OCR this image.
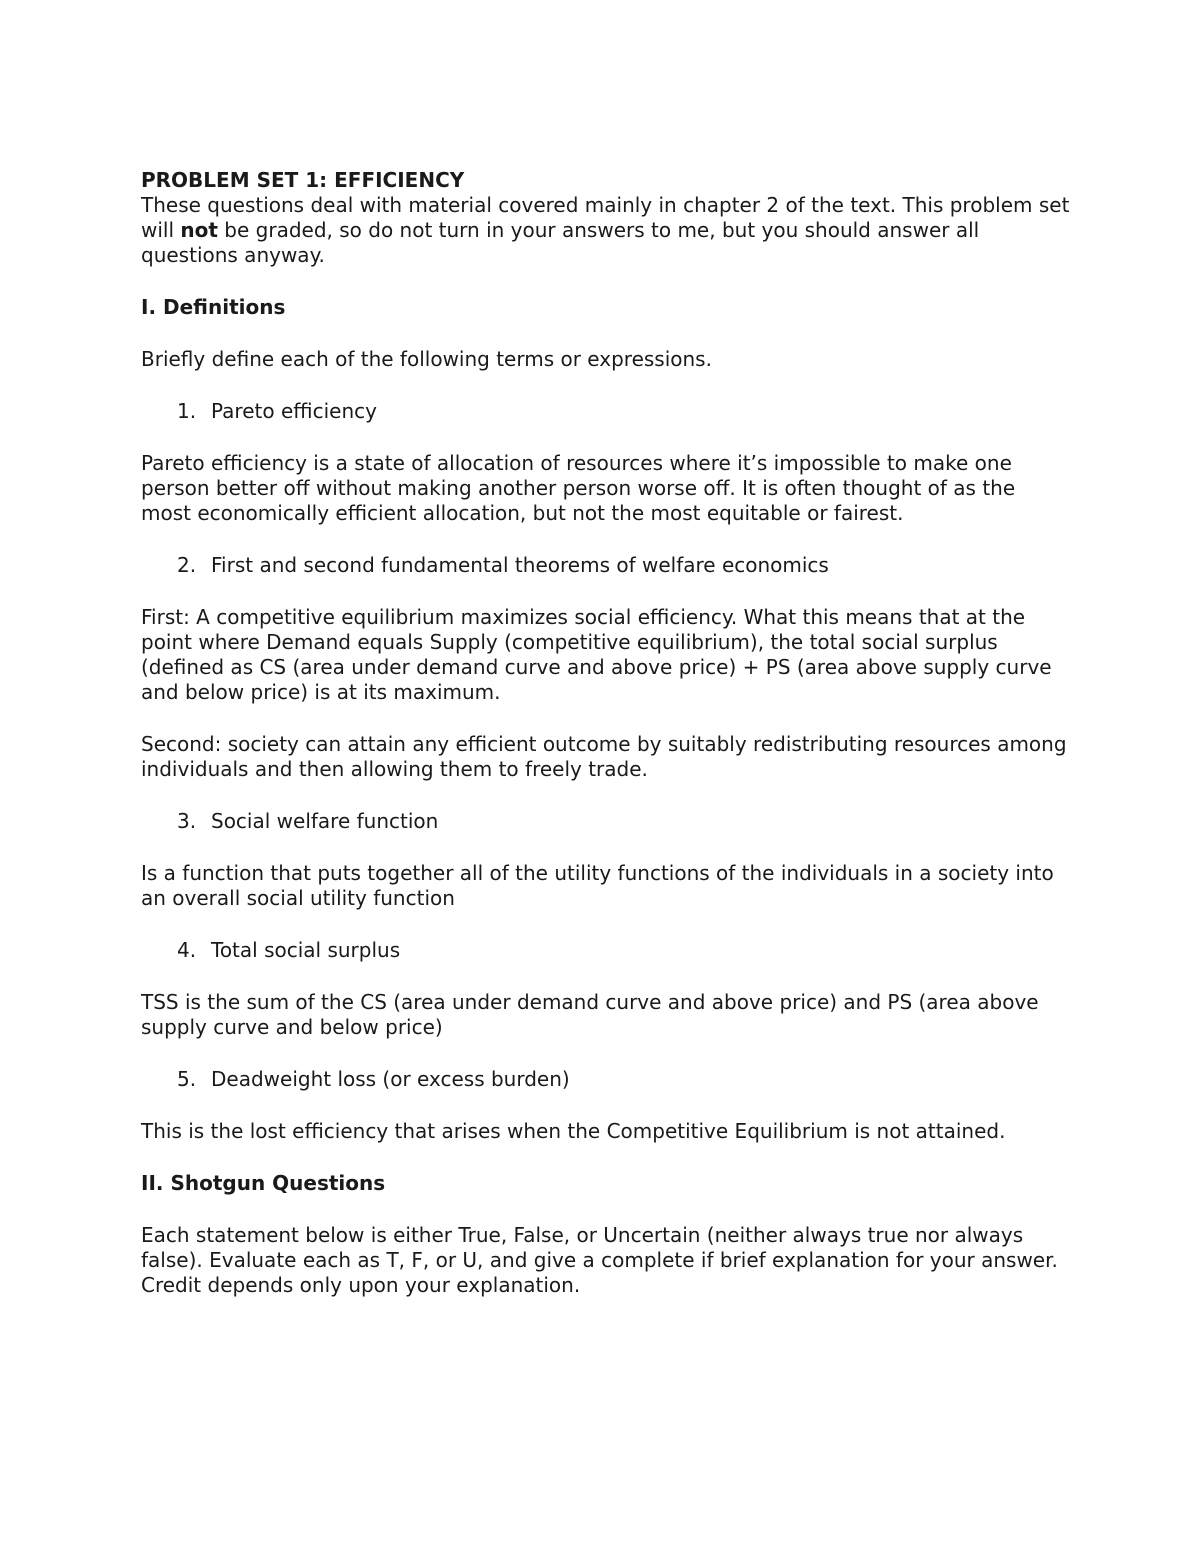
PROBLEM SET 1: EFFICIENCY

These questions deal with material covered mainly in chapter 2 of the text. This problem set will not be graded, so do not turn in your answers to me, but you should answer all questions anyway.

I. Definitions

Briefly define each of the following terms or expressions.

1. Pareto efficiency

Pareto efficiency is a state of allocation of resources where it’s impossible to make one person better off without making another person worse off. It is often thought of as the most economically efficient allocation, but not the most equitable or fairest.

2. First and second fundamental theorems of welfare economics

First: A competitive equilibrium maximizes social efficiency. What this means that at the point where Demand equals Supply (competitive equilibrium), the total social surplus (defined as CS (area under demand curve and above price) + PS (area above supply curve and below price) is at its maximum.

Second: society can attain any efficient outcome by suitably redistributing resources among individuals and then allowing them to freely trade.

3. Social welfare function

Is a function that puts together all of the utility functions of the individuals in a society into an overall social utility function

4. Total social surplus

TSS is the sum of the CS (area under demand curve and above price) and PS (area above supply curve and below price)

5. Deadweight loss (or excess burden)

This is the lost efficiency that arises when the Competitive Equilibrium is not attained.

II. Shotgun Questions

Each statement below is either True, False, or Uncertain (neither always true nor always false). Evaluate each as T, F, or U, and give a complete if brief explanation for your answer. Credit depends only upon your explanation.
